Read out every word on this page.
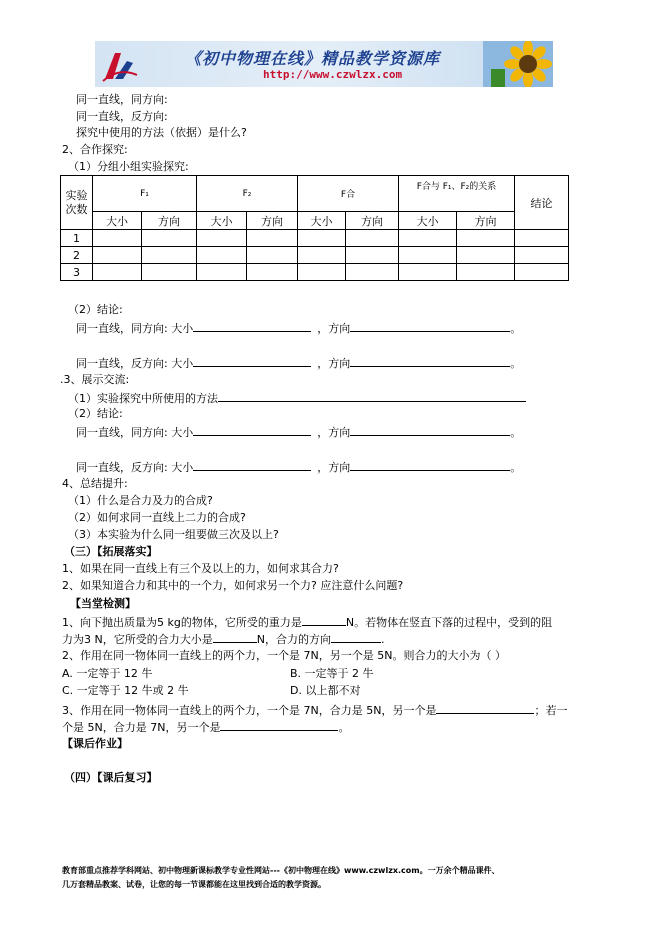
《初中物理在线》精品教学资源库
http://www.czwlzx.com
同一直线，同方向:
同一直线，反方向:
探究中使用的方法（依据）是什么?
2、合作探究:
（1）分组小组实验探究:
实验次数	F₁		F₂		F合		F合与 F₁、F₂的关系		结论
	大小	方向	大小	方向	大小	方向	大小	方向	
1									
2									
3									
（2）结论:
同一直线，同方向: 大小	，方向	。
同一直线，反方向: 大小	，方向	。
.3、展示交流:
（1）实验探究中所使用的方法
（2）结论:
同一直线，同方向: 大小	，方向	。
同一直线，反方向: 大小	，方向	。
4、总结提升:
（1）什么是合力及力的合成?
（2）如何求同一直线上二力的合成?
（3）本实验为什么同一组要做三次及以上?
（三）【拓展落实】
1、如果在同一直线上有三个及以上的力，如何求其合力?
2、如果知道合力和其中的一个力，如何求另一个力? 应注意什么问题?
【当堂检测】
1、向下抛出质量为5 kg的物体，它所受的重力是	N。若物体在竖直下落的过程中，受到的阻
力为3 N，它所受的合力大小是	N，合力的方向	.
2、作用在同一物体同一直线上的两个力，一个是 7N，另一个是 5N。则合力的大小为（ ）
A. 一定等于 12 牛	B. 一定等于 2 牛
C. 一定等于 12 牛或 2 牛	D. 以上都不对
3、作用在同一物体同一直线上的两个力，一个是 7N，合力是 5N，另一个是	；若一
个是 5N，合力是 7N，另一个是	。
【课后作业】
（四）【课后复习】
教育部重点推荐学科网站、初中物理新课标教学专业性网站---《初中物理在线》www.czwlzx.com。一万余个精品课件、
几万套精品教案、试卷，让您的每一节课都能在这里找到合适的教学资源。
